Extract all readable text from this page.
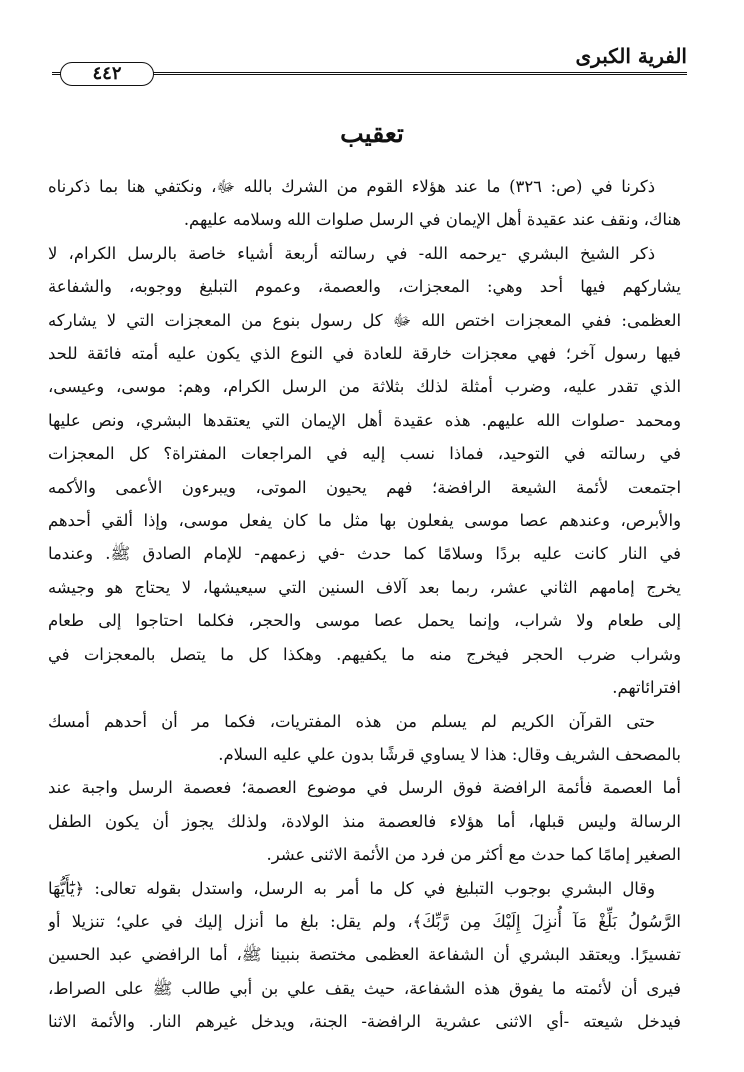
الفرية الكبرى
٤٤٢
تعقيب

ذكرنا في (ص: ٣٢٦) ما عند هؤلاء القوم من الشرك بالله ﷻ، ونكتفي هنا بما ذكرناه
هناك، ونقف عند عقيدة أهل الإيمان في الرسل صلوات الله وسلامه عليهم.

ذكر الشيخ البشري -يرحمه الله- في رسالته أربعة أشياء خاصة بالرسل الكرام، لا
يشاركهم فيها أحد وهي: المعجزات، والعصمة، وعموم التبليغ ووجوبه، والشفاعة
العظمى: ففي المعجزات اختص الله ﷻ كل رسول بنوع من المعجزات التي لا يشاركه
فيها رسول آخر؛ فهي معجزات خارقة للعادة في النوع الذي يكون عليه أمته فائقة للحد
الذي تقدر عليه، وضرب أمثلة لذلك بثلاثة من الرسل الكرام، وهم: موسى، وعيسى،
ومحمد -صلوات الله عليهم. هذه عقيدة أهل الإيمان التي يعتقدها البشري، ونص عليها
في رسالته في التوحيد، فماذا نسب إليه في المراجعات المفتراة؟ كل المعجزات
اجتمعت لأئمة الشيعة الرافضة؛ فهم يحيون الموتى، ويبرءون الأعمى والأكمه
والأبرص، وعندهم عصا موسى يفعلون بها مثل ما كان يفعل موسى، وإذا ألقي أحدهم
في النار كانت عليه بردًا وسلامًا كما حدث -في زعمهم- للإمام الصادق ﷺ. وعندما
يخرج إمامهم الثاني عشر، ربما بعد آلاف السنين التي سيعيشها، لا يحتاج هو وجيشه
إلى طعام ولا شراب، وإنما يحمل عصا موسى والحجر، فكلما احتاجوا إلى طعام
وشراب ضرب الحجر فيخرج منه ما يكفيهم. وهكذا كل ما يتصل بالمعجزات في
افترائاتهم.

حتى القرآن الكريم لم يسلم من هذه المفتريات، فكما مر أن أحدهم أمسك
بالمصحف الشريف وقال: هذا لا يساوي قرشًا بدون علي عليه السلام.

أما العصمة فأئمة الرافضة فوق الرسل في موضوع العصمة؛ فعصمة الرسل واجبة عند
الرسالة وليس قبلها، أما هؤلاء فالعصمة منذ الولادة، ولذلك يجوز أن يكون الطفل
الصغير إمامًا كما حدث مع أكثر من فرد من الأئمة الاثنى عشر.

وقال البشري بوجوب التبليغ في كل ما أمر به الرسل، واستدل بقوله تعالى: ﴿يَٰٓأَيُّهَا
الرَّسُولُ بَلِّغْ مَآ أُنزِلَ إِلَيْكَ مِن رَّبِّكَ﴾، ولم يقل: بلغ ما أنزل إليك في علي؛ تنزيلا أو
تفسيرًا. ويعتقد البشري أن الشفاعة العظمى مختصة بنبينا ﷺ، أما الرافضي عبد الحسين
فيرى أن لأئمته ما يفوق هذه الشفاعة، حيث يقف علي بن أبي طالب ﷺ على الصراط،
فيدخل شيعته -أي الاثنى عشرية الرافضة- الجنة، ويدخل غيرهم النار. والأئمة الاثنا
